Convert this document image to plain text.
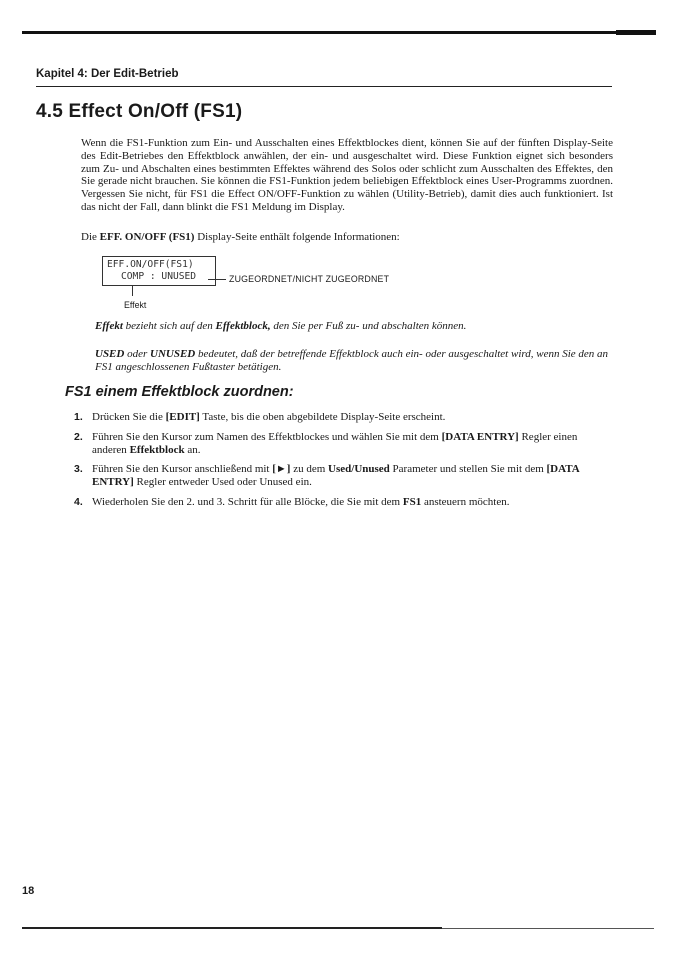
Kapitel 4: Der Edit-Betrieb
4.5 Effect On/Off (FS1)
Wenn die FS1-Funktion zum Ein- und Ausschalten eines Effektblockes dient, können Sie auf der fünften Display-Seite des Edit-Betriebes den Effektblock anwählen, der ein- und ausgeschaltet wird. Diese Funktion eignet sich besonders zum Zu- und Abschalten eines bestimmten Effektes während des Solos oder schlicht zum Ausschalten des Effektes, den Sie gerade nicht brauchen. Sie können die FS1-Funktion jedem beliebigen Effektblock eines User-Programms zuordnen. Vergessen Sie nicht, für FS1 die Effect ON/OFF-Funktion zu wählen (Utility-Betrieb), damit dies auch funktioniert. Ist das nicht der Fall, dann blinkt die FS1 Meldung im Display.
Die EFF. ON/OFF (FS1) Display-Seite enthält folgende Informationen:
EFF.ON/OFF(FS1)
COMP : UNUSED	ZUGEORDNET/NICHT ZUGEORDNET
Effekt
Effekt bezieht sich auf den Effektblock, den Sie per Fuß zu- und abschalten können.
USED oder UNUSED bedeutet, daß der betreffende Effektblock auch ein- oder ausgeschaltet wird, wenn Sie den an FS1 angeschlossenen Fußtaster betätigen.
FS1 einem Effektblock zuordnen:
1. Drücken Sie die [EDIT] Taste, bis die oben abgebildete Display-Seite erscheint.
2. Führen Sie den Kursor zum Namen des Effektblockes und wählen Sie mit dem [DATA ENTRY] Regler einen anderen Effektblock an.
3. Führen Sie den Kursor anschließend mit [►] zu dem Used/Unused Parameter und stellen Sie mit dem [DATA ENTRY] Regler entweder Used oder Unused ein.
4. Wiederholen Sie den 2. und 3. Schritt für alle Blöcke, die Sie mit dem FS1 ansteuern möchten.
18
